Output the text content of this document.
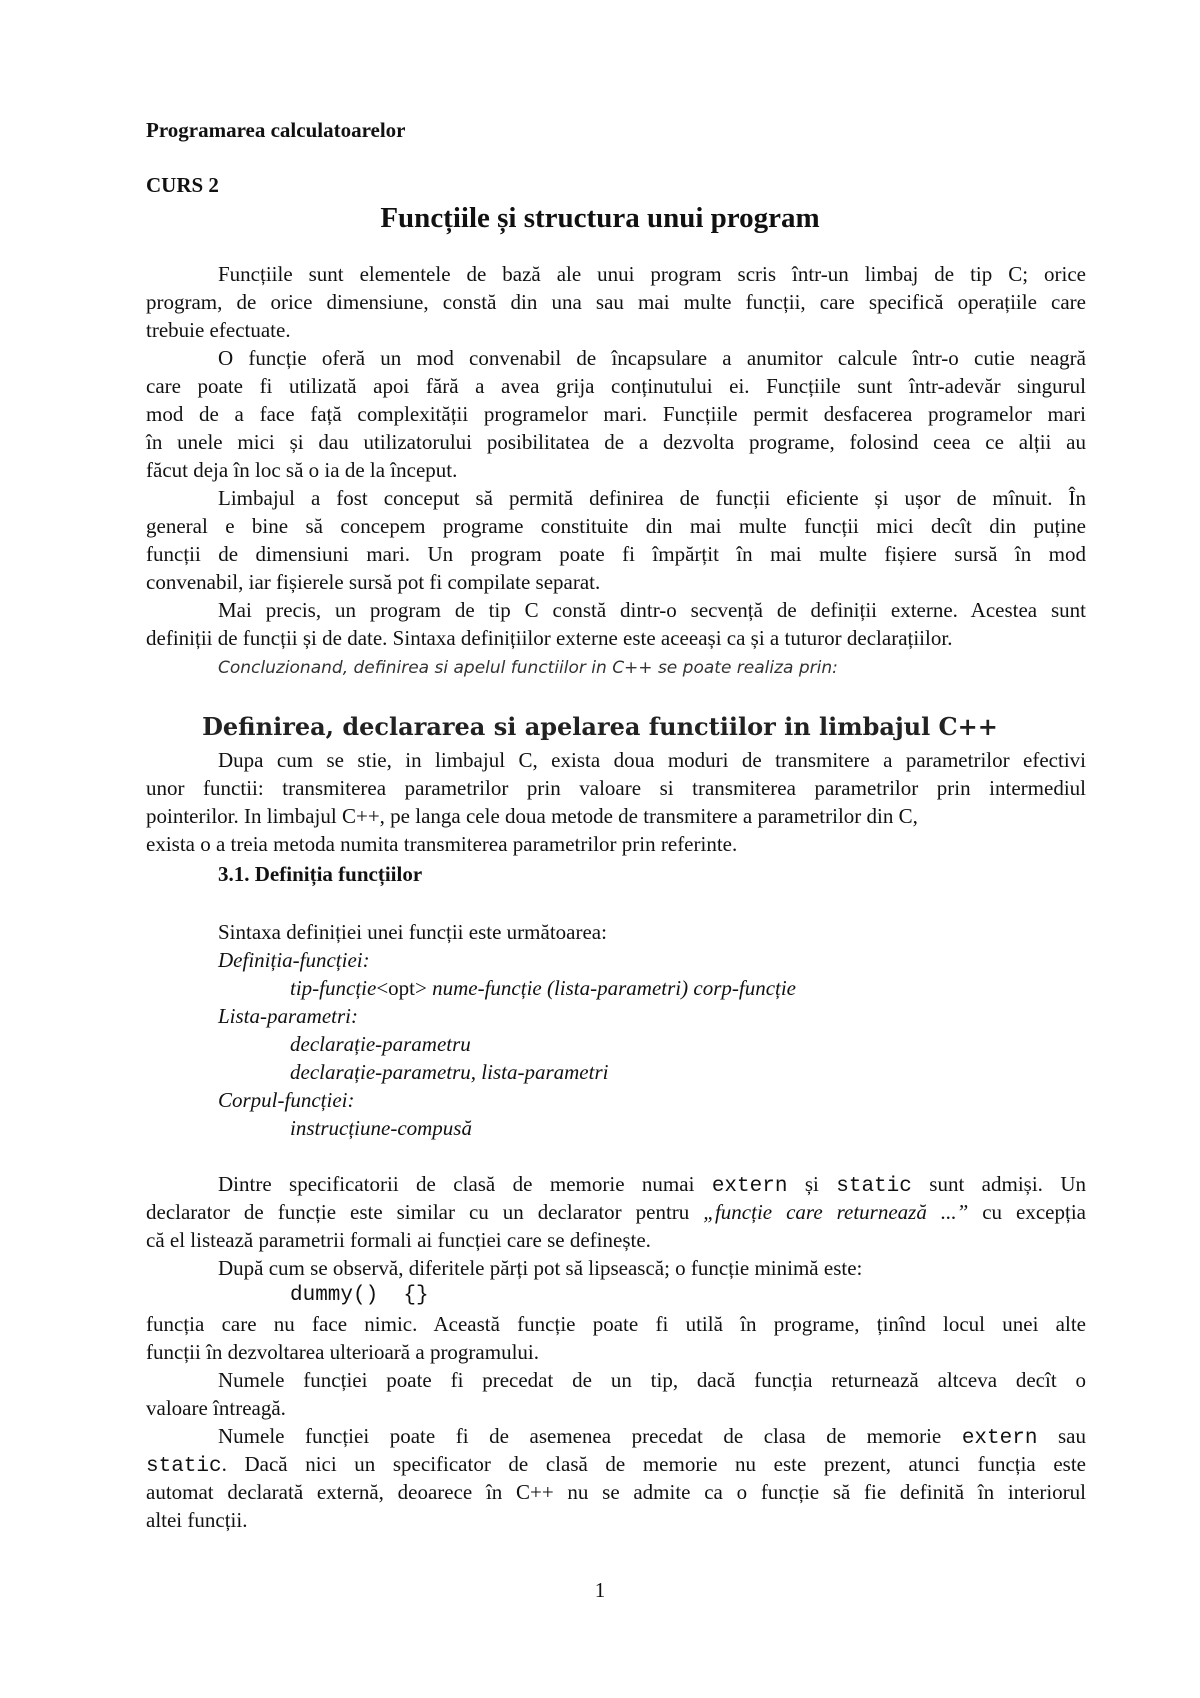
Programarea calculatoarelor
CURS 2
Funcțiile și structura unui program
Funcțiile sunt elementele de bază ale unui program scris într-un limbaj de tip C; orice
program, de orice dimensiune, constă din una sau mai multe funcții, care specifică operațiile care
trebuie efectuate.
O funcție oferă un mod convenabil de încapsulare a anumitor calcule într-o cutie neagră
care poate fi utilizată apoi fără a avea grija conținutului ei. Funcțiile sunt într-adevăr singurul
mod de a face față complexității programelor mari. Funcțiile permit desfacerea programelor mari
în unele mici și dau utilizatorului posibilitatea de a dezvolta programe, folosind ceea ce alții au
făcut deja în loc să o ia de la început.
Limbajul a fost conceput să permită definirea de funcții eficiente și ușor de mînuit. În
general e bine să concepem programe constituite din mai multe funcții mici decît din puține
funcții de dimensiuni mari. Un program poate fi împărțit în mai multe fișiere sursă în mod
convenabil, iar fișierele sursă pot fi compilate separat.
Mai precis, un program de tip C constă dintr-o secvență de definiții externe. Acestea sunt
definiții de funcții și de date. Sintaxa definițiilor externe este aceeași ca și a tuturor declarațiilor.
Concluzionand, definirea si apelul functiilor in C++ se poate realiza prin:
Definirea, declararea si apelarea functiilor in limbajul C++
Dupa cum se stie, in limbajul C, exista doua moduri de transmitere a parametrilor efectivi
unor functii: transmiterea parametrilor prin valoare si transmiterea parametrilor prin intermediul
pointerilor. In limbajul C++, pe langa cele doua metode de transmitere a parametrilor din C,
exista o a treia metoda numita transmiterea parametrilor prin referinte.
3.1. Definiția funcțiilor
Sintaxa definiției unei funcții este următoarea:
Definiția-funcției:
tip-funcție<opt> nume-funcție (lista-parametri) corp-funcție
Lista-parametri:
declarație-parametru
declarație-parametru, lista-parametri
Corpul-funcției:
instrucțiune-compusă
Dintre specificatorii de clasă de memorie numai extern și static sunt admiși. Un
declarator de funcție este similar cu un declarator pentru „funcție care returnează ...” cu excepția
că el listează parametrii formali ai funcției care se definește.
După cum se observă, diferitele părți pot să lipsească; o funcție minimă este:
dummy()  {}
funcția care nu face nimic. Această funcție poate fi utilă în programe, ținînd locul unei alte
funcții în dezvoltarea ulterioară a programului.
Numele funcției poate fi precedat de un tip, dacă funcția returnează altceva decît o
valoare întreagă.
Numele funcției poate fi de asemenea precedat de clasa de memorie extern sau
static. Dacă nici un specificator de clasă de memorie nu este prezent, atunci funcția este
automat declarată externă, deoarece în C++ nu se admite ca o funcție să fie definită în interiorul
altei funcții.
1
